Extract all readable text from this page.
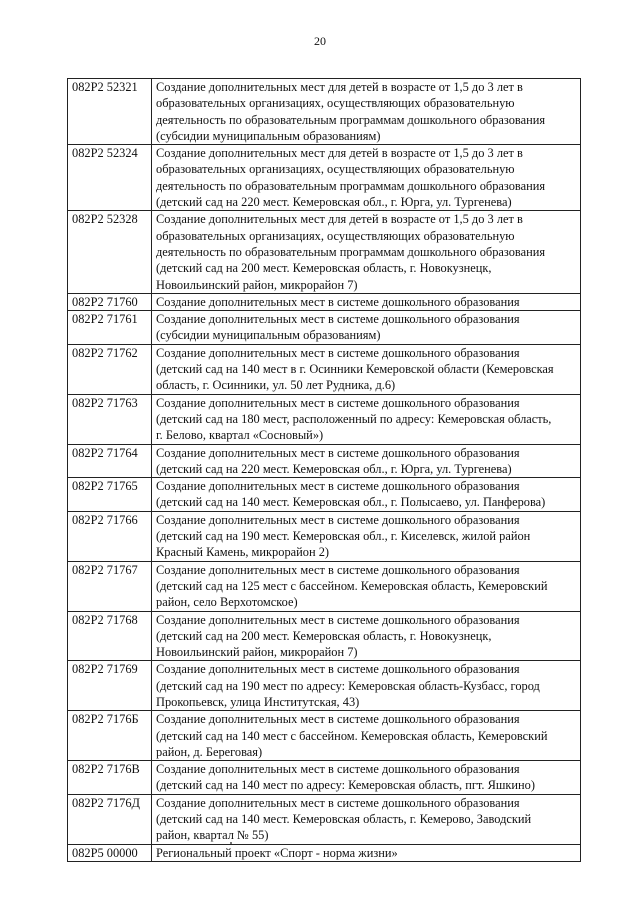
20
082P2 52321	Создание дополнительных мест для детей в возрасте от 1,5 до 3 лет в
образовательных организациях, осуществляющих образовательную
деятельность по образовательным программам дошкольного образования
(субсидии муниципальным образованиям)

082P2 52324	Создание дополнительных мест для детей в возрасте от 1,5 до 3 лет в
образовательных организациях, осуществляющих образовательную
деятельность по образовательным программам дошкольного образования
(детский сад на 220 мест. Кемеровская обл., г. Юрга, ул. Тургенева)

082P2 52328	Создание дополнительных мест для детей в возрасте от 1,5 до 3 лет в
образовательных организациях, осуществляющих образовательную
деятельность по образовательным программам дошкольного образования
(детский сад на 200 мест. Кемеровская область, г. Новокузнецк,
Новоильинский район, микрорайон 7)

082P2 71760	Создание дополнительных мест в системе дошкольного образования

082P2 71761	Создание дополнительных мест в системе дошкольного образования
(субсидии муниципальным образованиям)

082P2 71762	Создание дополнительных мест в системе дошкольного образования
(детский сад на 140 мест в г. Осинники Кемеровской области (Кемеровская
область, г. Осинники, ул. 50 лет Рудника, д.6)

082P2 71763	Создание дополнительных мест в системе дошкольного образования
(детский сад на 180 мест, расположенный по адресу: Кемеровская область,
г. Белово, квартал «Сосновый»)

082P2 71764	Создание дополнительных мест в системе дошкольного образования
(детский сад на 220 мест. Кемеровская обл., г. Юрга, ул. Тургенева)

082P2 71765	Создание дополнительных мест в системе дошкольного образования
(детский сад на 140 мест. Кемеровская обл., г. Полысаево, ул. Панферова)

082P2 71766	Создание дополнительных мест в системе дошкольного образования
(детский сад на 190 мест. Кемеровская обл., г. Киселевск, жилой район
Красный Камень, микрорайон 2)

082P2 71767	Создание дополнительных мест в системе дошкольного образования
(детский сад на 125 мест с бассейном. Кемеровская область, Кемеровский
район, село Верхотомское)

082P2 71768	Создание дополнительных мест в системе дошкольного образования
(детский сад на 200 мест. Кемеровская область, г. Новокузнецк,
Новоильинский район, микрорайон 7)

082P2 71769	Создание дополнительных мест в системе дошкольного образования
(детский сад на 190 мест по адресу: Кемеровская область-Кузбасс, город
Прокопьевск, улица Институтская, 43)

082P2 7176Б	Создание дополнительных мест в системе дошкольного образования
(детский сад на 140 мест с бассейном. Кемеровская область, Кемеровский
район, д. Береговая)

082P2 7176В	Создание дополнительных мест в системе дошкольного образования
(детский сад на 140 мест по адресу: Кемеровская область, пгт. Яшкино)

082P2 7176Д	Создание дополнительных мест в системе дошкольного образования
(детский сад на 140 мест. Кемеровская область, г. Кемерово, Заводский
район, квартал № 55)

082P5 00000	Региональный проект «Спорт - норма жизни»
